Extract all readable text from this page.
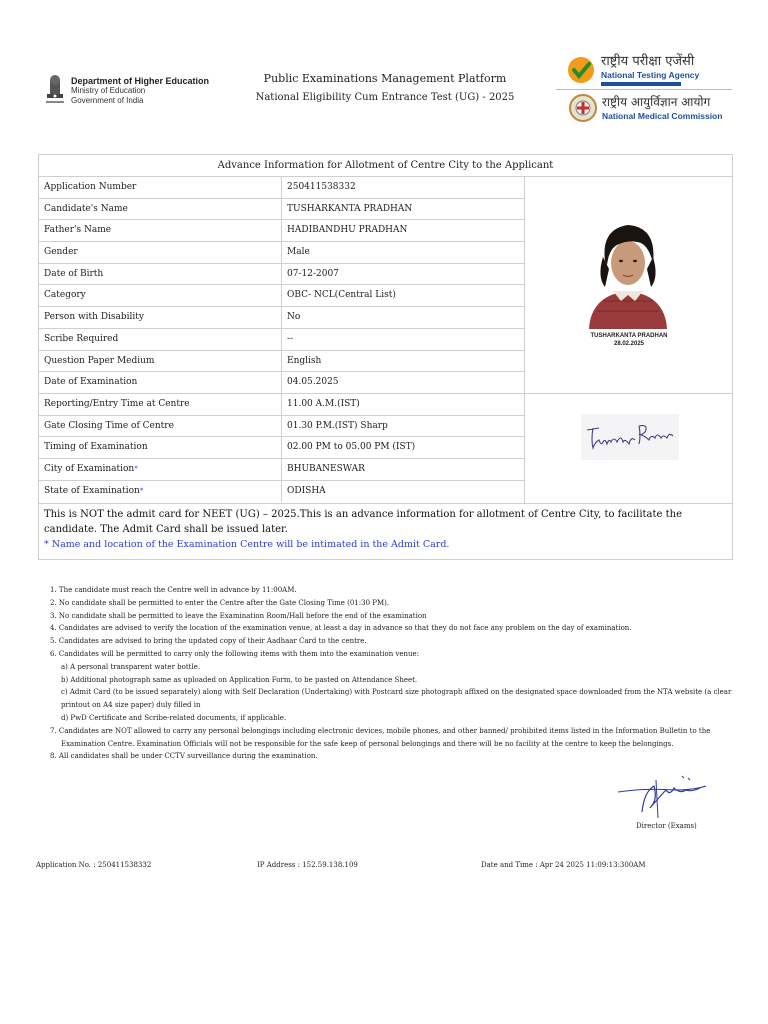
Department of Higher Education
Ministry of Education
Government of India
Public Examinations Management Platform
National Eligibility Cum Entrance Test (UG) - 2025
राष्ट्रीय परीक्षा एजेंसी
National Testing Agency
राष्ट्रीय आयुर्विज्ञान आयोग
National Medical Commission
Advance Information for Allotment of Centre City to the Applicant
Application Number	250411538332
Candidate's Name	TUSHARKANTA PRADHAN
Father's Name	HADIBANDHU PRADHAN
Gender	Male
Date of Birth	07-12-2007
Category	OBC- NCL(Central List)
Person with Disability	No
Scribe Required	--
Question Paper Medium	English
Date of Examination	04.05.2025
Reporting/Entry Time at Centre	11.00 A.M.(IST)
Gate Closing Time of Centre	01.30 P.M.(IST) Sharp
Timing of Examination	02.00 PM to 05.00 PM (IST)
City of Examination*	BHUBANESWAR
State of Examination*	ODISHA
TUSHARKANTA PRADHAN
28.02.2025
This is NOT the admit card for NEET (UG) – 2025.This is an advance information for allotment of Centre City, to facilitate the candidate. The Admit Card shall be issued later.
* Name and location of the Examination Centre will be intimated in the Admit Card.
1. The candidate must reach the Centre well in advance by 11:00AM.
2. No candidate shall be permitted to enter the Centre after the Gate Closing Time (01:30 PM).
3. No candidate shall be permitted to leave the Examination Room/Hall before the end of the examination
4. Candidates are advised to verify the location of the examination venue, at least a day in advance so that they do not face any problem on the day of examination.
5. Candidates are advised to bring the updated copy of their Aadhaar Card to the centre.
6. Candidates will be permitted to carry only the following items with them into the examination venue:
a) A personal transparent water bottle.
b) Additional photograph same as uploaded on Application Form, to be pasted on Attendance Sheet.
c) Admit Card (to be issued separately) along with Self Declaration (Undertaking) with Postcard size photograph affixed on the designated space downloaded from the NTA website (a clear
printout on A4 size paper) duly filled in
d) PwD Certificate and Scribe-related documents, if applicable.
7. Candidates are NOT allowed to carry any personal belongings including electronic devices, mobile phones, and other banned/ prohibited items listed in the Information Bulletin to the
Examination Centre. Examination Officials will not be responsible for the safe keep of personal belongings and there will be no facility at the centre to keep the belongings.
8. All candidates shall be under CCTV surveillance during the examination.
Director (Exams)
Application No. : 250411538332	IP Address : 152.59.138.109	Date and Time : Apr 24 2025 11:09:13:300AM
